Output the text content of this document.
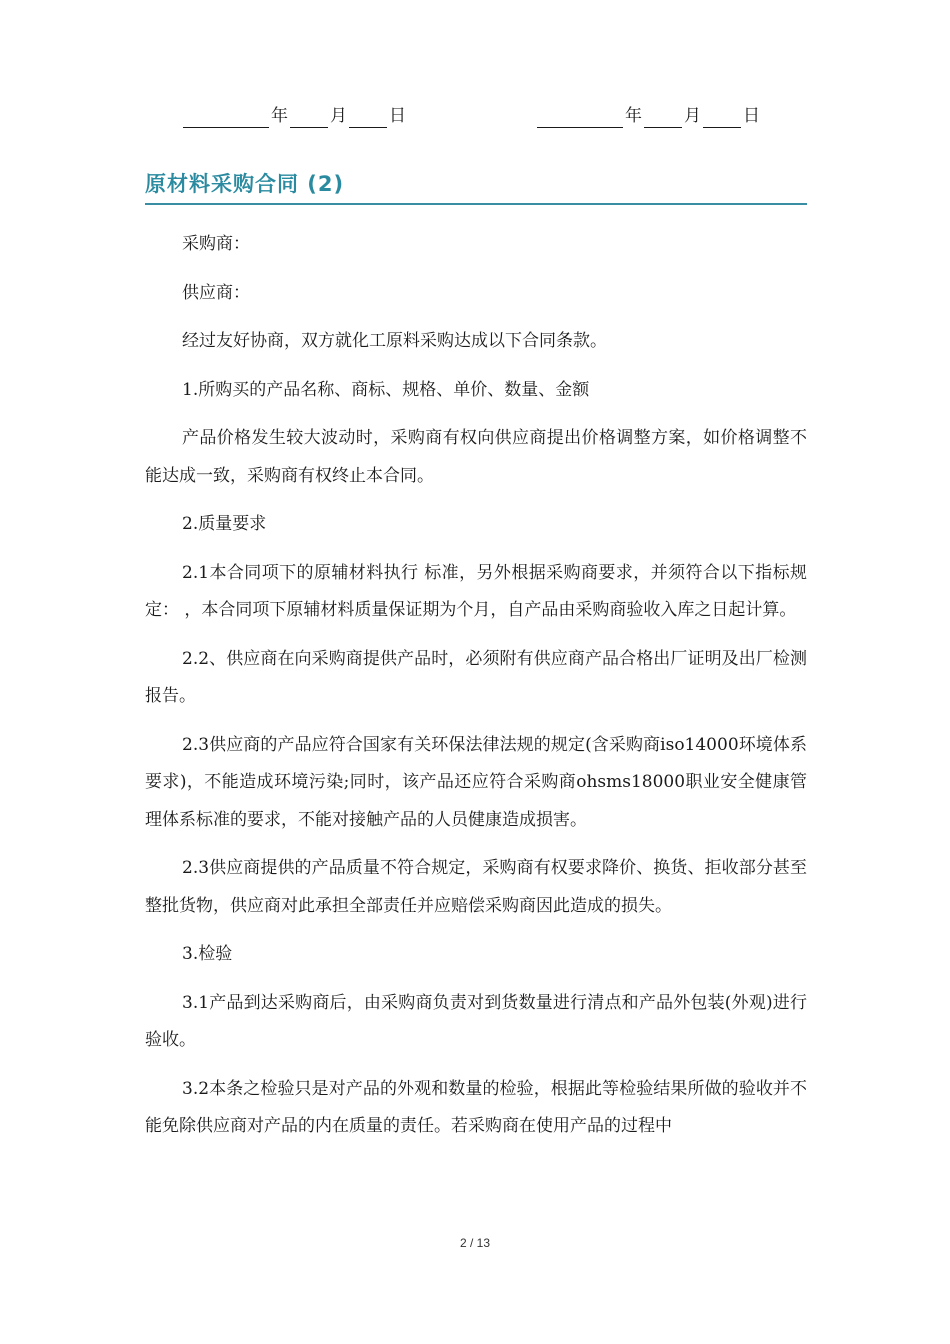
年 月 日	年 月 日
原材料采购合同 (2)

采购商：

供应商：

经过友好协商，双方就化工原料采购达成以下合同条款。

1.所购买的产品名称、商标、规格、单价、数量、金额

产品价格发生较大波动时，采购商有权向供应商提出价格调整方案，如价格调整不能达成一致，采购商有权终止本合同。

2.质量要求

2.1本合同项下的原辅材料执行 标准，另外根据采购商要求，并须符合以下指标规定： ，本合同项下原辅材料质量保证期为个月，自产品由采购商验收入库之日起计算。

2.2、供应商在向采购商提供产品时，必须附有供应商产品合格出厂证明及出厂检测报告。

2.3供应商的产品应符合国家有关环保法律法规的规定(含采购商iso14000环境体系要求)，不能造成环境污染;同时，该产品还应符合采购商ohsms18000职业安全健康管理体系标准的要求，不能对接触产品的人员健康造成损害。

2.3供应商提供的产品质量不符合规定，采购商有权要求降价、换货、拒收部分甚至整批货物，供应商对此承担全部责任并应赔偿采购商因此造成的损失。

3.检验

3.1产品到达采购商后，由采购商负责对到货数量进行清点和产品外包装(外观)进行验收。

3.2本条之检验只是对产品的外观和数量的检验，根据此等检验结果所做的验收并不能免除供应商对产品的内在质量的责任。若采购商在使用产品的过程中

2 / 13
